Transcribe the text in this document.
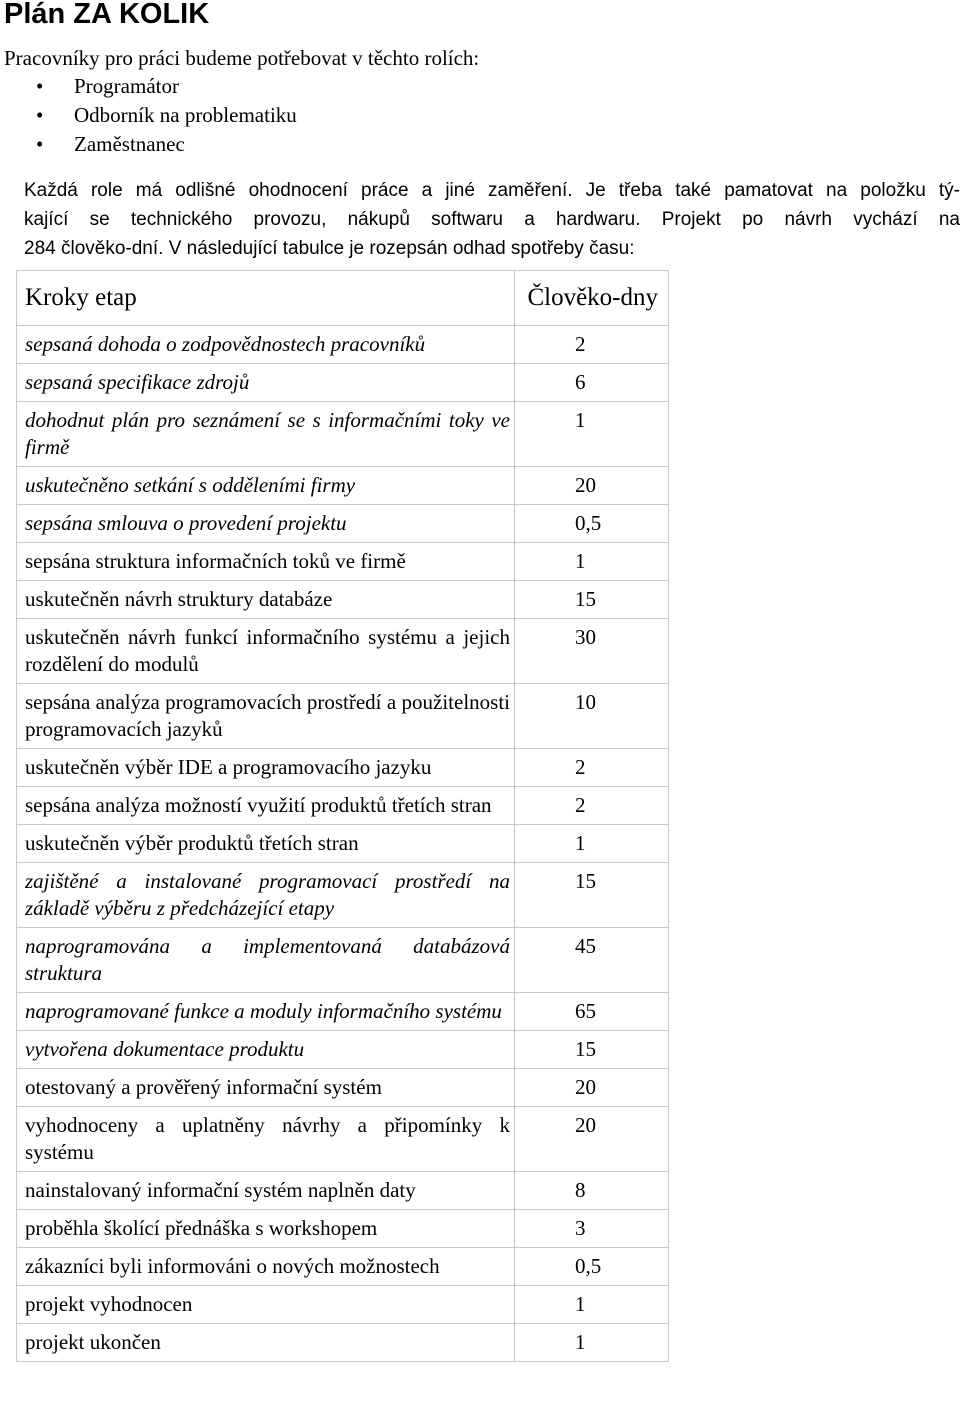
Plán ZA KOLIK
Pracovníky pro práci budeme potřebovat v těchto rolích:
• Programátor
• Odborník na problematiku
• Zaměstnanec
Každá role má odlišné ohodnocení práce a jiné zaměření. Je třeba také pamatovat na položku tý-
kající se technického provozu, nákupů softwaru a hardwaru. Projekt po návrh vychází na
284 člověko-dní. V následující tabulce je rozepsán odhad spotřeby času:
Kroky etap	Člověko-dny
sepsaná dohoda o zodpovědnostech pracovníků	2
sepsaná specifikace zdrojů	6
dohodnut plán pro seznámení se s informačními toky ve firmě	1
uskutečněno setkání s odděleními firmy	20
sepsána smlouva o provedení projektu	0,5
sepsána struktura informačních toků ve firmě	1
uskutečněn návrh struktury databáze	15
uskutečněn návrh funkcí informačního systému a jejich rozdělení do modulů	30
sepsána analýza programovacích prostředí a použitelnosti programovacích jazyků	10
uskutečněn výběr IDE a programovacího jazyku	2
sepsána analýza možností využití produktů třetích stran	2
uskutečněn výběr produktů třetích stran	1
zajištěné a instalované programovací prostředí na základě výběru z předcházející etapy	15
naprogramována a implementovaná databázová struktura	45
naprogramované funkce a moduly informačního systému	65
vytvořena dokumentace produktu	15
otestovaný a prověřený informační systém	20
vyhodnoceny a uplatněny návrhy a připomínky k systému	20
nainstalovaný informační systém naplněn daty	8
proběhla školící přednáška s workshopem	3
zákazníci byli informováni o nových možnostech	0,5
projekt vyhodnocen	1
projekt ukončen	1
